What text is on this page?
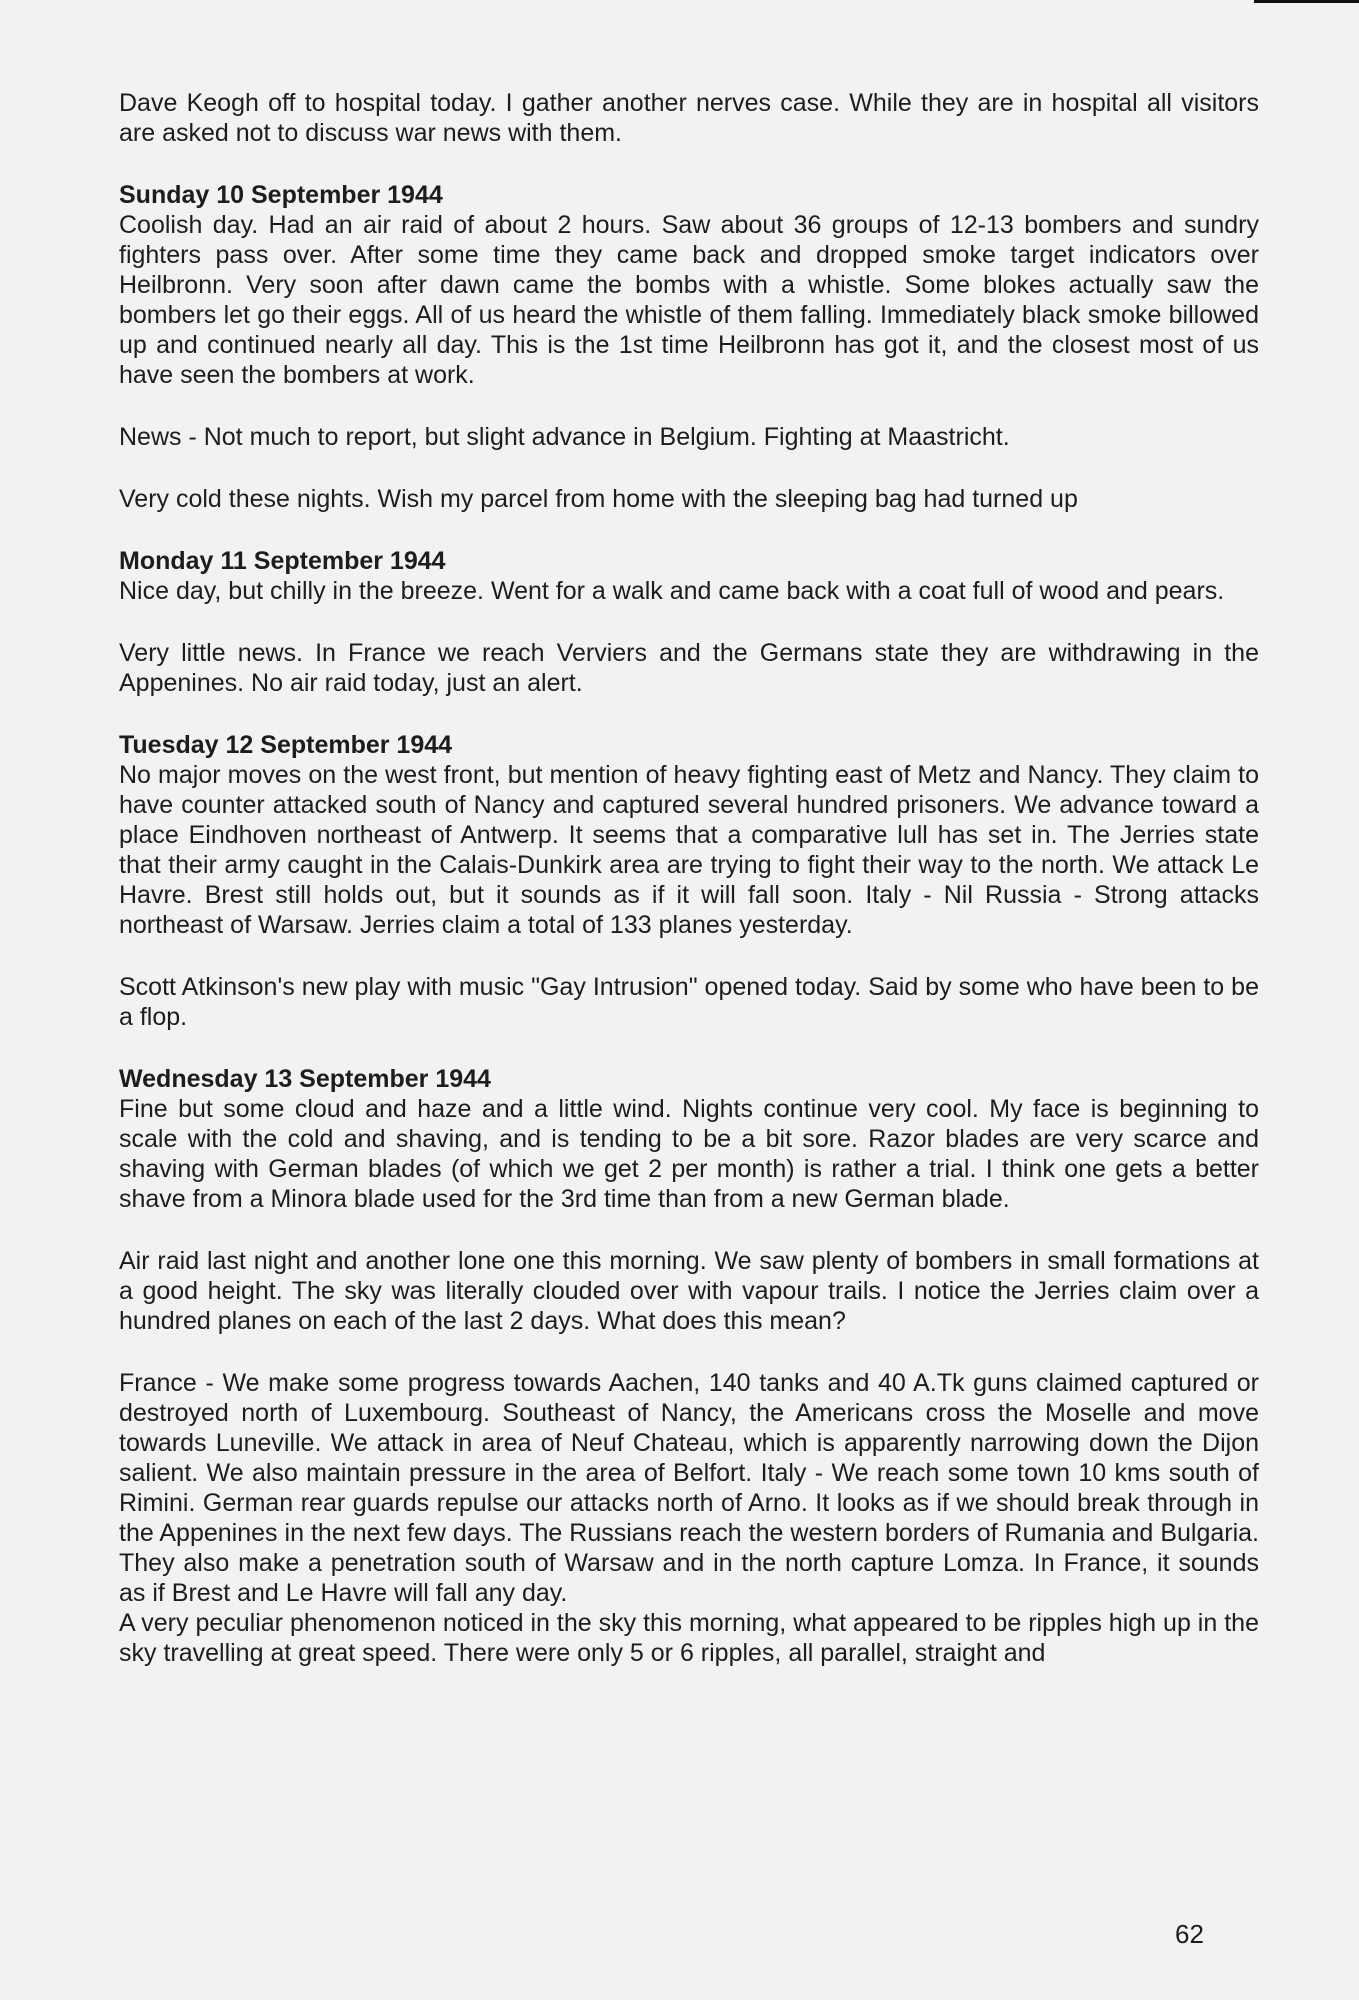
Dave Keogh off to hospital today. I gather another nerves case. While they are in hospital all visitors are asked not to discuss war news with them.

Sunday 10 September 1944

Coolish day. Had an air raid of about 2 hours. Saw about 36 groups of 12-13 bombers and sundry fighters pass over. After some time they came back and dropped smoke target indicators over Heilbronn. Very soon after dawn came the bombs with a whistle. Some blokes actually saw the bombers let go their eggs. All of us heard the whistle of them falling. Immediately black smoke billowed up and continued nearly all day. This is the 1st time Heilbronn has got it, and the closest most of us have seen the bombers at work.

News - Not much to report, but slight advance in Belgium. Fighting at Maastricht.

Very cold these nights. Wish my parcel from home with the sleeping bag had turned up

Monday 11 September 1944

Nice day, but chilly in the breeze. Went for a walk and came back with a coat full of wood and pears.

Very little news. In France we reach Verviers and the Germans state they are withdrawing in the Appenines. No air raid today, just an alert.

Tuesday 12 September 1944

No major moves on the west front, but mention of heavy fighting east of Metz and Nancy. They claim to have counter attacked south of Nancy and captured several hundred prisoners. We advance toward a place Eindhoven northeast of Antwerp. It seems that a comparative lull has set in. The Jerries state that their army caught in the Calais-Dunkirk area are trying to fight their way to the north. We attack Le Havre. Brest still holds out, but it sounds as if it will fall soon. Italy - Nil Russia - Strong attacks northeast of Warsaw. Jerries claim a total of 133 planes yesterday.

Scott Atkinson's new play with music "Gay Intrusion" opened today. Said by some who have been to be a flop.

Wednesday 13 September 1944

Fine but some cloud and haze and a little wind. Nights continue very cool. My face is beginning to scale with the cold and shaving, and is tending to be a bit sore. Razor blades are very scarce and shaving with German blades (of which we get 2 per month) is rather a trial. I think one gets a better shave from a Minora blade used for the 3rd time than from a new German blade.

Air raid last night and another lone one this morning. We saw plenty of bombers in small formations at a good height. The sky was literally clouded over with vapour trails. I notice the Jerries claim over a hundred planes on each of the last 2 days. What does this mean?

France - We make some progress towards Aachen, 140 tanks and 40 A.Tk guns claimed captured or destroyed north of Luxembourg. Southeast of Nancy, the Americans cross the Moselle and move towards Luneville. We attack in area of Neuf Chateau, which is apparently narrowing down the Dijon salient. We also maintain pressure in the area of Belfort. Italy - We reach some town 10 kms south of Rimini. German rear guards repulse our attacks north of Arno. It looks as if we should break through in the Appenines in the next few days. The Russians reach the western borders of Rumania and Bulgaria. They also make a penetration south of Warsaw and in the north capture Lomza. In France, it sounds as if Brest and Le Havre will fall any day.

A very peculiar phenomenon noticed in the sky this morning, what appeared to be ripples high up in the sky travelling at great speed. There were only 5 or 6 ripples, all parallel, straight and

62
